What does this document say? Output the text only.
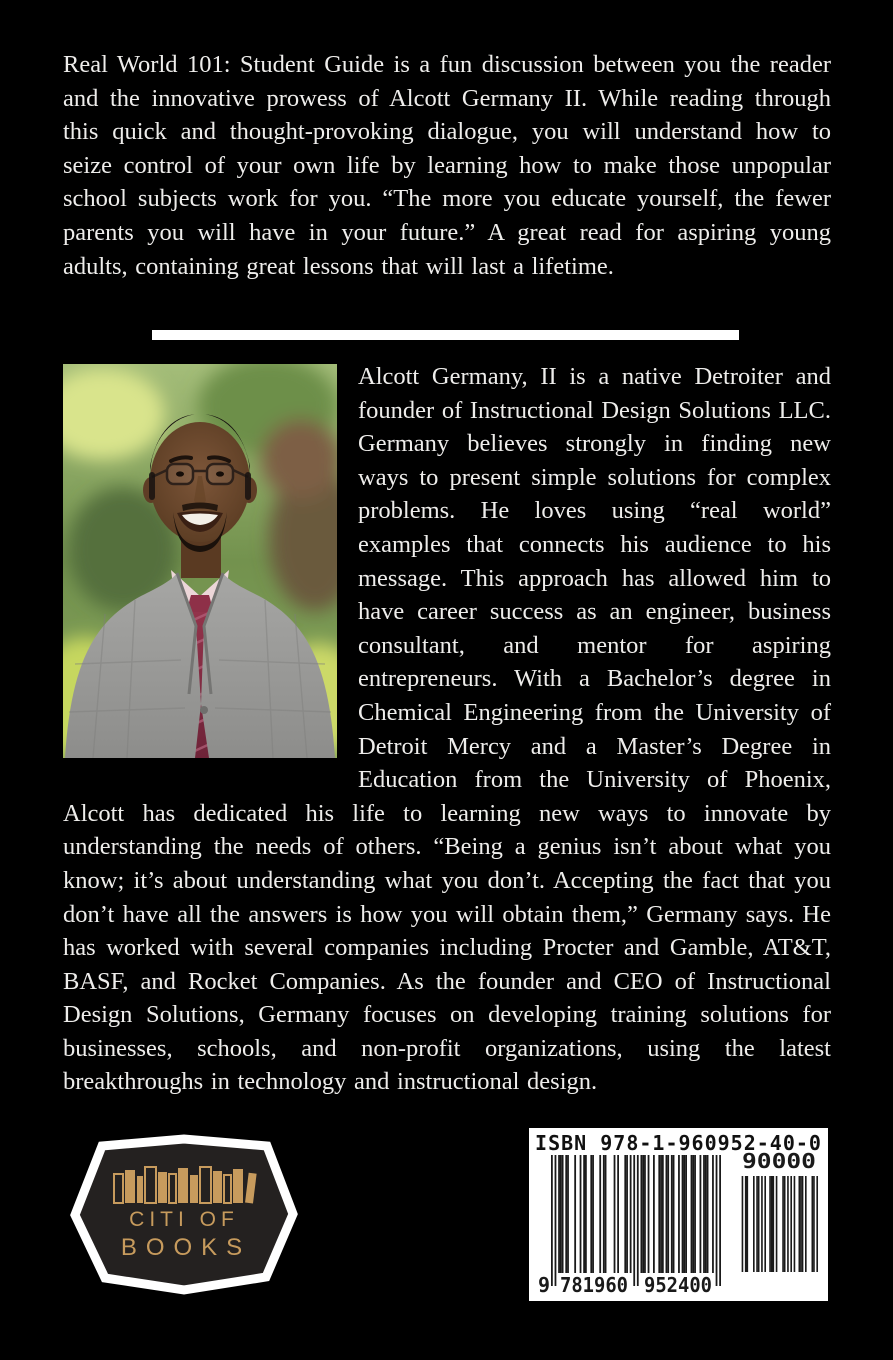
Real World 101: Student Guide is a fun discussion between you the reader and the innovative prowess of Alcott Germany II. While reading through this quick and thought-provoking dialogue, you will understand how to seize control of your own life by learning how to make those unpopular school subjects work for you. “The more you educate yourself, the fewer parents you will have in your future.” A great read for aspiring young adults, containing great lessons that will last a lifetime.

Alcott Germany, II is a native Detroiter and founder of Instructional Design Solutions LLC. Germany believes strongly in finding new ways to present simple solutions for complex problems. He loves using “real world” examples that connects his audience to his message. This approach has allowed him to have career success as an engineer, business consultant, and mentor for aspiring entrepreneurs. With a Bachelor’s degree in Chemical Engineering from the University of Detroit Mercy and a Master’s Degree in Education from the University of Phoenix, Alcott has dedicated his life to learning new ways to innovate by understanding the needs of others. “Being a genius isn’t about what you know; it’s about understanding what you don’t. Accepting the fact that you don’t have all the answers is how you will obtain them,” Germany says. He has worked with several companies including Procter and Gamble, AT&T, BASF, and Rocket Companies. As the founder and CEO of Instructional Design Solutions, Germany focuses on developing training solutions for businesses, schools, and non-profit organizations, using the latest breakthroughs in technology and instructional design.

CITI OF
BOOKS
ISBN 978-1-960952-40-0
9 781960 952400
90000
